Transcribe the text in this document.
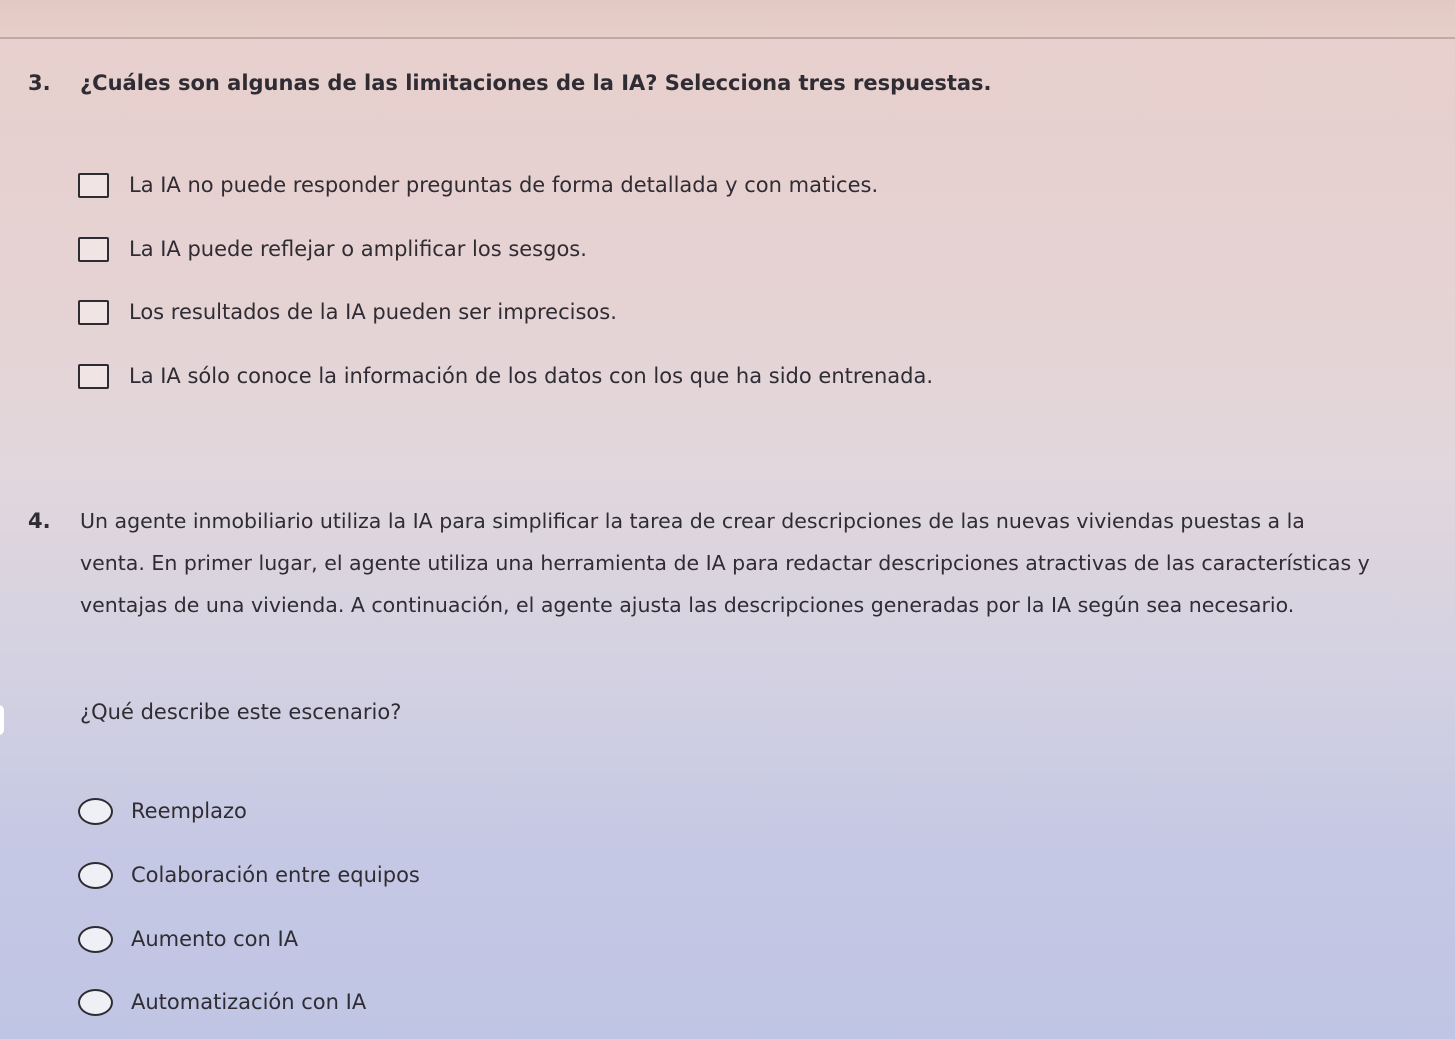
3. ¿Cuáles son algunas de las limitaciones de la IA? Selecciona tres respuestas.
La IA no puede responder preguntas de forma detallada y con matices.
La IA puede reflejar o amplificar los sesgos.
Los resultados de la IA pueden ser imprecisos.
La IA sólo conoce la información de los datos con los que ha sido entrenada.
4. Un agente inmobiliario utiliza la IA para simplificar la tarea de crear descripciones de las nuevas viviendas puestas a la venta. En primer lugar, el agente utiliza una herramienta de IA para redactar descripciones atractivas de las características y ventajas de una vivienda. A continuación, el agente ajusta las descripciones generadas por la IA según sea necesario.
¿Qué describe este escenario?
Reemplazo
Colaboración entre equipos
Aumento con IA
Automatización con IA
